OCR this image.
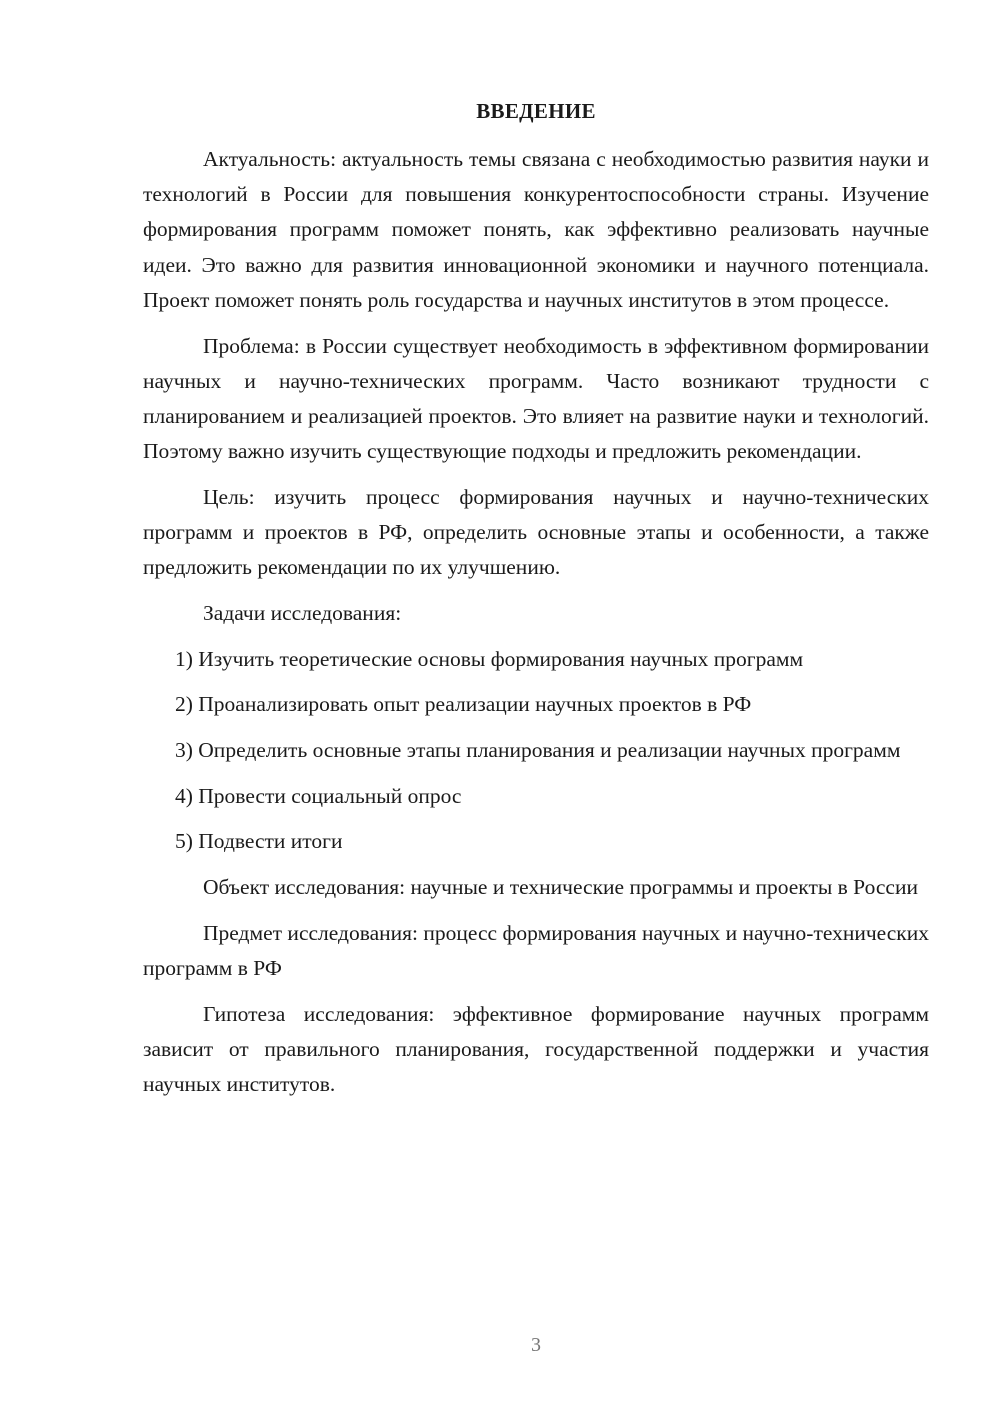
ВВЕДЕНИЕ

Актуальность: актуальность темы связана с необходимостью развития науки и технологий в России для повышения конкурентоспособности страны. Изучение формирования программ поможет понять, как эффективно реализовать научные идеи. Это важно для развития инновационной экономики и научного потенциала. Проект поможет понять роль государства и научных институтов в этом процессе.

Проблема: в России существует необходимость в эффективном формировании научных и научно-технических программ. Часто возникают трудности с планированием и реализацией проектов. Это влияет на развитие науки и технологий. Поэтому важно изучить существующие подходы и предложить рекомендации.

Цель: изучить процесс формирования научных и научно-технических программ и проектов в РФ, определить основные этапы и особенности, а также предложить рекомендации по их улучшению.

Задачи исследования:

1) Изучить теоретические основы формирования научных программ

2) Проанализировать опыт реализации научных проектов в РФ

3) Определить основные этапы планирования и реализации научных программ

4) Провести социальный опрос

5) Подвести итоги

Объект исследования: научные и технические программы и проекты в России

Предмет исследования: процесс формирования научных и научно-технических программ в РФ

Гипотеза исследования: эффективное формирование научных программ зависит от правильного планирования, государственной поддержки и участия научных институтов.

3
